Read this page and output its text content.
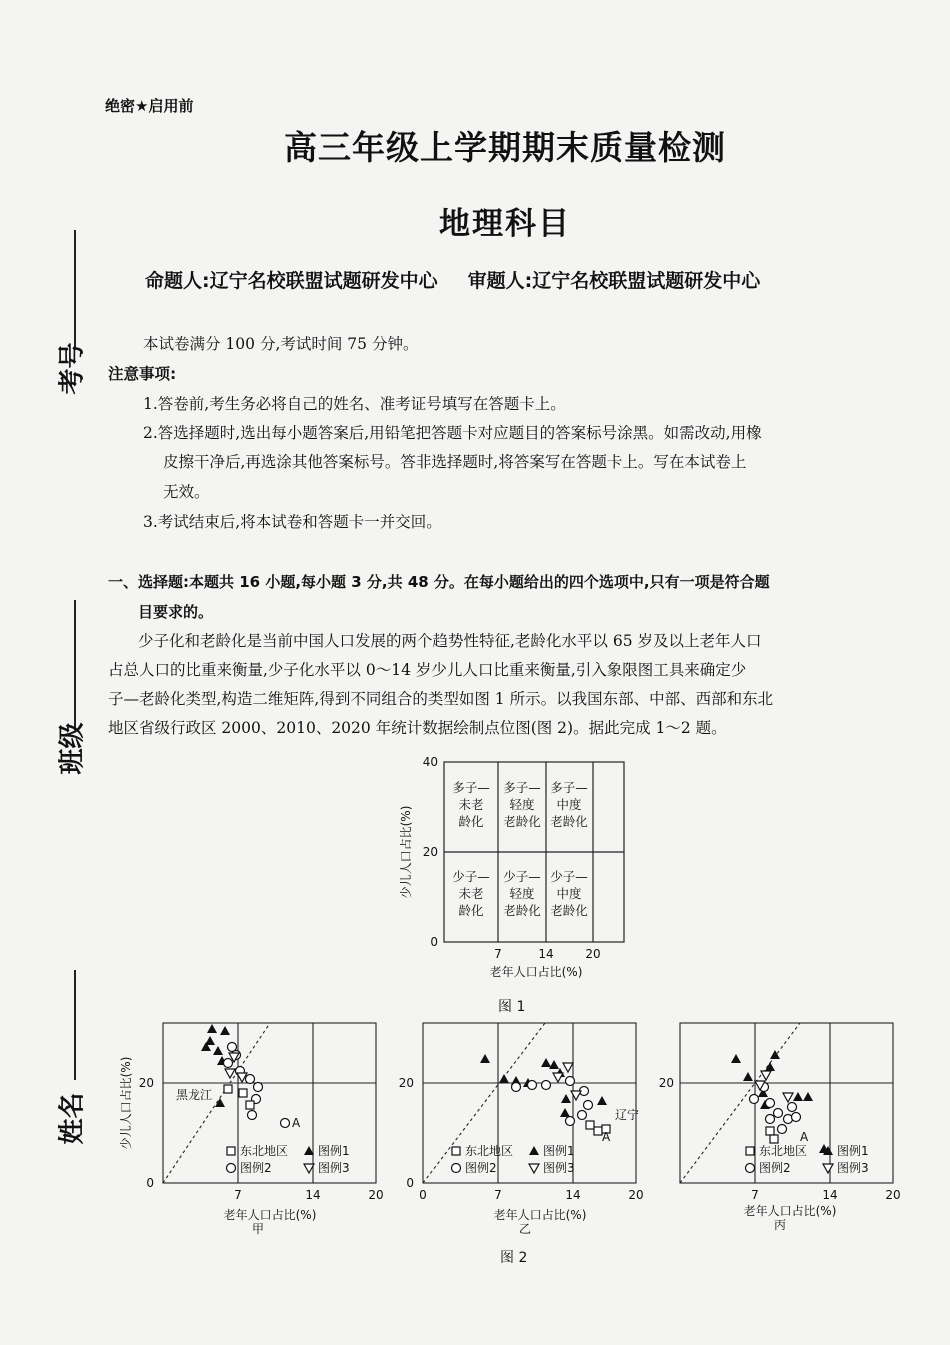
绝密★启用前
高三年级上学期期末质量检测
地理科目
命题人:辽宁名校联盟试题研发中心 审题人:辽宁名校联盟试题研发中心
考号
班级
姓名
本试卷满分 100 分,考试时间 75 分钟。
注意事项:
1.答卷前,考生务必将自己的姓名、准考证号填写在答题卡上。
2.答选择题时,选出每小题答案后,用铅笔把答题卡对应题目的答案标号涂黑。如需改动,用橡
皮擦干净后,再选涂其他答案标号。答非选择题时,将答案写在答题卡上。写在本试卷上
无效。
3.考试结束后,将本试卷和答题卡一并交回。
一、选择题:本题共 16 小题,每小题 3 分,共 48 分。在每小题给出的四个选项中,只有一项是符合题
目要求的。
少子化和老龄化是当前中国人口发展的两个趋势性特征,老龄化水平以 65 岁及以上老年人口
占总人口的比重来衡量,少子化水平以 0～14 岁少儿人口比重来衡量,引入象限图工具来确定少
子—老龄化类型,构造二维矩阵,得到不同组合的类型如图 1 所示。以我国东部、中部、西部和东北
地区省级行政区 2000、2010、2020 年统计数据绘制点位图(图 2)。据此完成 1～2 题。
40
20
0
7	14	20
老年人口占比(%)
少儿人口占比(%)
多子—
未老
龄化
多子—
轻度
老龄化
多子—
中度
老龄化
少子—
未老
龄化
少子—
轻度
老龄化
少子—
中度
老龄化
图 1
20
0
7	14	20
少儿人口占比(%)
老年人口占比(%)
甲
黑龙江
A
东北地区 图例1
图例2	图例3
20
0
0	7	14	20
老年人口占比(%)
乙
辽宁
A
东北地区 图例1
图例2	图例3
20
7	14	20
老年人口占比(%)
丙
A
东北地区 图例1
图例2	图例3
图 2
